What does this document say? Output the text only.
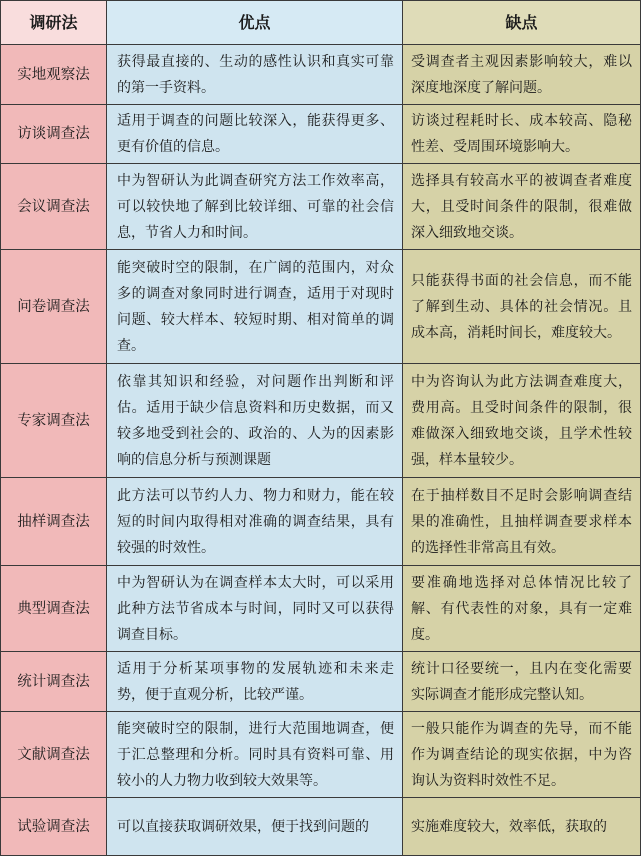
调研法	优点	缺点
实地观察法	获得最直接的、生动的感性认识和真实可靠的第一手资料。	受调查者主观因素影响较大，难以深度地深度了解问题。
访谈调查法	适用于调查的问题比较深入，能获得更多、更有价值的信息。	访谈过程耗时长、成本较高、隐秘性差、受周围环境影响大。
会议调查法	中为智研认为此调查研究方法工作效率高，可以较快地了解到比较详细、可靠的社会信息，节省人力和时间。	选择具有较高水平的被调查者难度大，且受时间条件的限制，很难做深入细致地交谈。
问卷调查法	能突破时空的限制，在广阔的范围内，对众多的调查对象同时进行调查，适用于对现时问题、较大样本、较短时期、相对简单的调查。	只能获得书面的社会信息，而不能了解到生动、具体的社会情况。且成本高，消耗时间长，难度较大。
专家调查法	依靠其知识和经验，对问题作出判断和评估。适用于缺少信息资料和历史数据，而又较多地受到社会的、政治的、人为的因素影响的信息分析与预测课题	中为咨询认为此方法调查难度大，费用高。且受时间条件的限制，很难做深入细致地交谈，且学术性较强，样本量较少。
抽样调查法	此方法可以节约人力、物力和财力，能在较短的时间内取得相对准确的调查结果，具有较强的时效性。	在于抽样数目不足时会影响调查结果的准确性，且抽样调查要求样本的选择性非常高且有效。
典型调查法	中为智研认为在调查样本太大时，可以采用此种方法节省成本与时间，同时又可以获得调查目标。	要准确地选择对总体情况比较了解、有代表性的对象，具有一定难度。
统计调查法	适用于分析某项事物的发展轨迹和未来走势，便于直观分析，比较严谨。	统计口径要统一，且内在变化需要实际调查才能形成完整认知。
文献调查法	能突破时空的限制，进行大范围地调查，便于汇总整理和分析。同时具有资料可靠、用较小的人力物力收到较大效果等。	一般只能作为调查的先导，而不能作为调查结论的现实依据，中为咨询认为资料时效性不足。
试验调查法	可以直接获取调研效果，便于找到问题的	实施难度较大，效率低，获取的
